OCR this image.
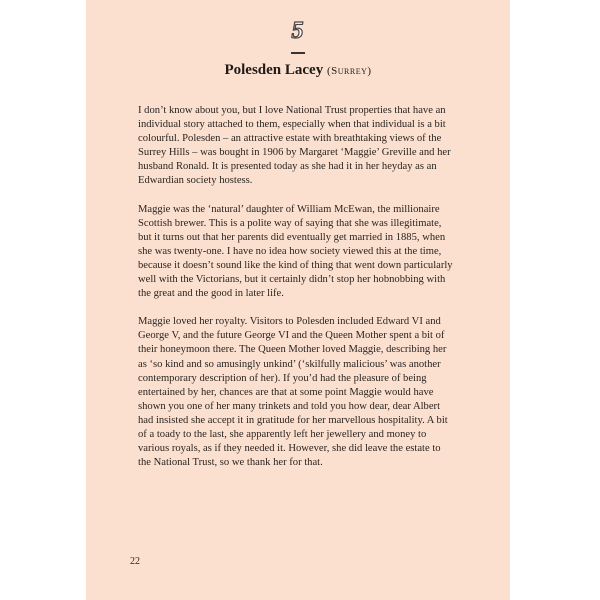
5
Polesden Lacey (Surrey)

I don’t know about you, but I love National Trust properties that have an individual story attached to them, especially when that individual is a bit colourful. Polesden – an attractive estate with breathtaking views of the Surrey Hills – was bought in 1906 by Margaret ‘Maggie’ Greville and her husband Ronald. It is presented today as she had it in her heyday as an Edwardian society hostess.

Maggie was the ‘natural’ daughter of William McEwan, the millionaire Scottish brewer. This is a polite way of saying that she was illegitimate, but it turns out that her parents did eventually get married in 1885, when she was twenty-one. I have no idea how society viewed this at the time, because it doesn’t sound like the kind of thing that went down particularly well with the Victorians, but it certainly didn’t stop her hobnobbing with the great and the good in later life.

Maggie loved her royalty. Visitors to Polesden included Edward VI and George V, and the future George VI and the Queen Mother spent a bit of their honeymoon there. The Queen Mother loved Maggie, describing her as ‘so kind and so amusingly unkind’ (‘skilfully malicious’ was another contemporary description of her). If you’d had the pleasure of being entertained by her, chances are that at some point Maggie would have shown you one of her many trinkets and told you how dear, dear Albert had insisted she accept it in gratitude for her marvellous hospitality. A bit of a toady to the last, she apparently left her jewellery and money to various royals, as if they needed it. However, she did leave the estate to the National Trust, so we thank her for that.

22
